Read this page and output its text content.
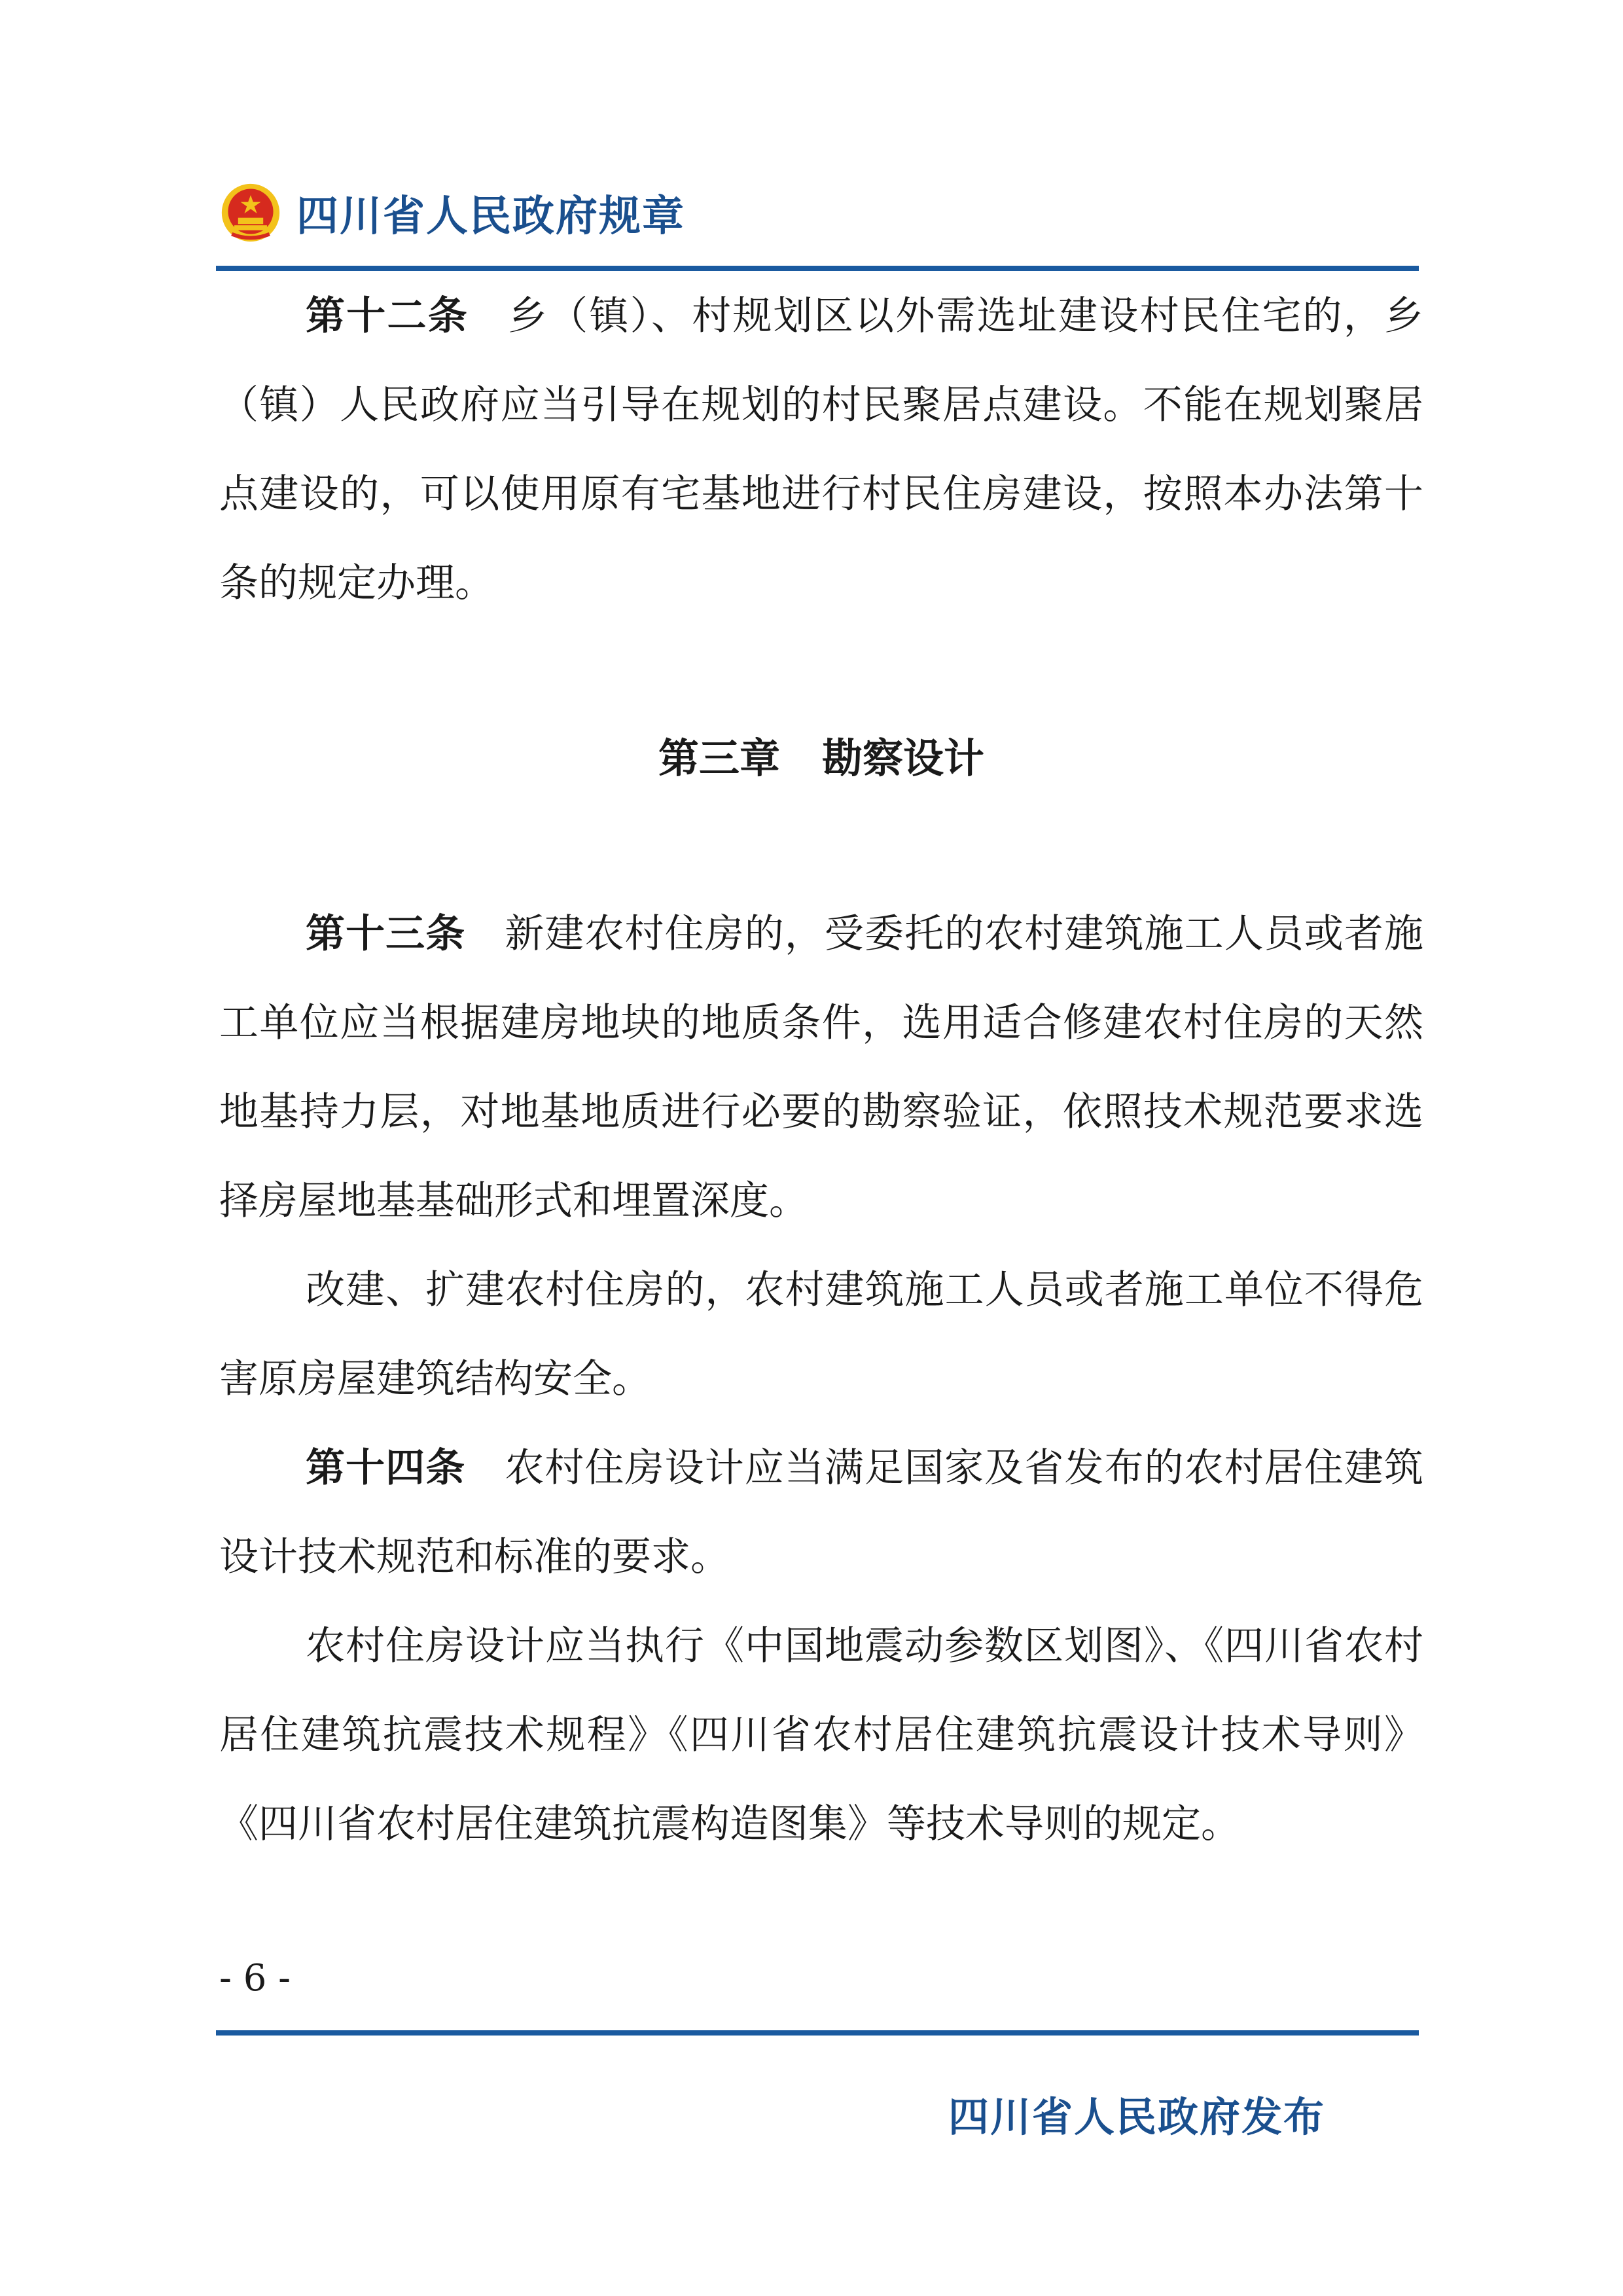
四川省人民政府规章

第十二条 乡（镇）、村规划区以外需选址建设村民住宅的，乡（镇）人民政府应当引导在规划的村民聚居点建设。不能在规划聚居点建设的，可以使用原有宅基地进行村民住房建设，按照本办法第十条的规定办理。

第三章 勘察设计

第十三条 新建农村住房的，受委托的农村建筑施工人员或者施工单位应当根据建房地块的地质条件，选用适合修建农村住房的天然地基持力层，对地基地质进行必要的勘察验证，依照技术规范要求选择房屋地基基础形式和埋置深度。

改建、扩建农村住房的，农村建筑施工人员或者施工单位不得危害原房屋建筑结构安全。

第十四条 农村住房设计应当满足国家及省发布的农村居住建筑设计技术规范和标准的要求。

农村住房设计应当执行《中国地震动参数区划图》、《四川省农村居住建筑抗震技术规程》《四川省农村居住建筑抗震设计技术导则》《四川省农村居住建筑抗震构造图集》等技术导则的规定。

- 6 -
四川省人民政府发布
